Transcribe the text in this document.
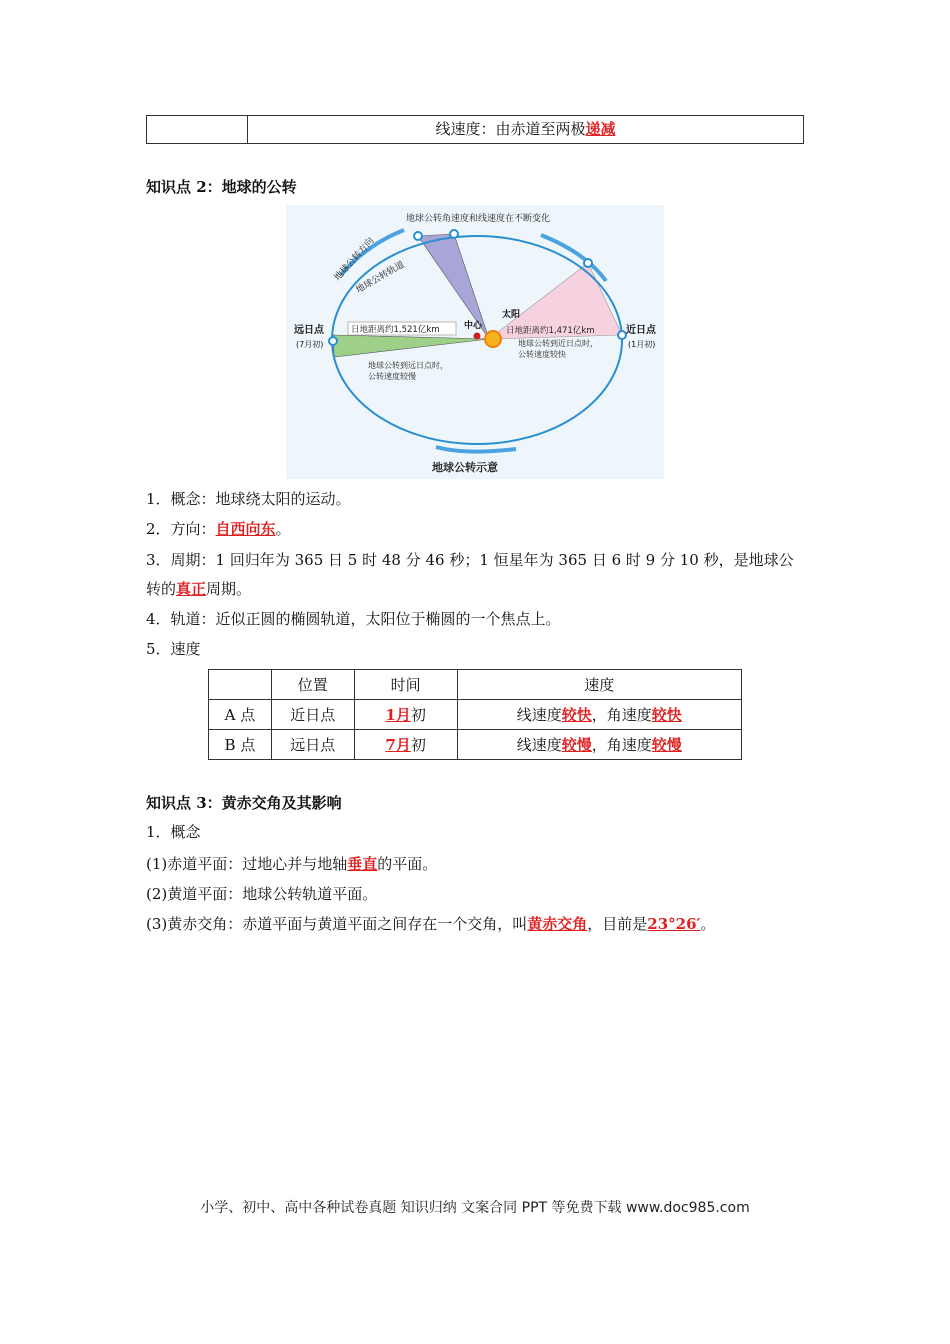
线速度：由赤道至两极递减
知识点 2：地球的公转
地球公转角速度和线速度在不断变化
地球公转方向
地球公转轨道
远日点
(7月初)
近日点
(1月初)
日地距离约1,521亿km	日地距离约1,471亿km
中心
太阳
地球公转到远日点时，
公转速度较慢
地球公转到近日点时，
公转速度较快
地球公转示意
1．概念：地球绕太阳的运动。
2．方向：自西向东。
3．周期：1 回归年为 365 日 5 时 48 分 46 秒；1 恒星年为 365 日 6 时 9 分 10 秒，是地球公
转的真正周期。
4．轨道：近似正圆的椭圆轨道，太阳位于椭圆的一个焦点上。
5．速度
	位置	时间	速度
A 点	近日点	1月初	线速度较快，角速度较快
B 点	远日点	7月初	线速度较慢，角速度较慢
知识点 3：黄赤交角及其影响
1．概念
(1)赤道平面：过地心并与地轴垂直的平面。
(2)黄道平面：地球公转轨道平面。
(3)黄赤交角：赤道平面与黄道平面之间存在一个交角，叫黄赤交角，目前是23°26′。
小学、初中、高中各种试卷真题 知识归纳 文案合同 PPT 等免费下载 www.doc985.com
